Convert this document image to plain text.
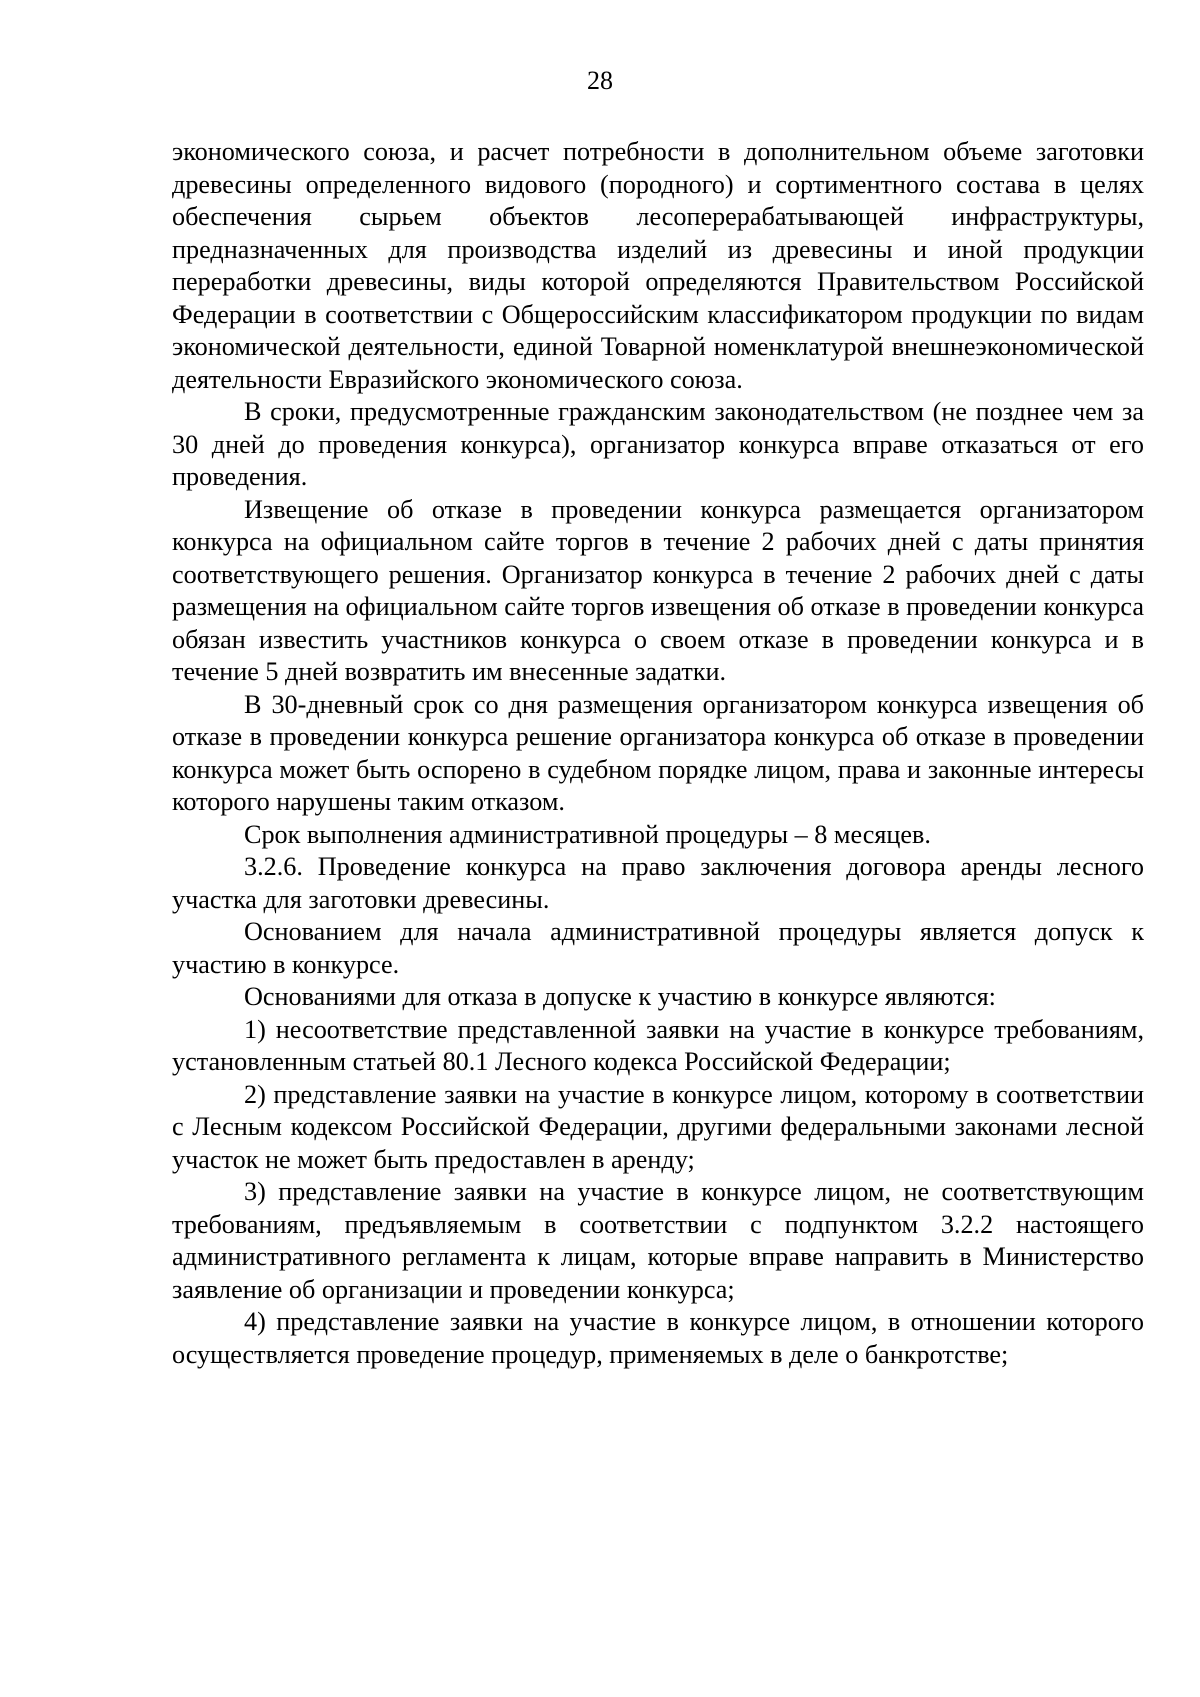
28

экономического союза, и расчет потребности в дополнительном объеме заготовки древесины определенного видового (породного) и сортиментного состава в целях обеспечения сырьем объектов лесоперерабатывающей инфраструктуры, предназначенных для производства изделий из древесины и иной продукции переработки древесины, виды которой определяются Правительством Российской Федерации в соответствии с Общероссийским классификатором продукции по видам экономической деятельности, единой Товарной номенклатурой внешнеэкономической деятельности Евразийского экономического союза.

В сроки, предусмотренные гражданским законодательством (не позднее чем за 30 дней до проведения конкурса), организатор конкурса вправе отказаться от его проведения.

Извещение об отказе в проведении конкурса размещается организатором конкурса на официальном сайте торгов в течение 2 рабочих дней с даты принятия соответствующего решения. Организатор конкурса в течение 2 рабочих дней с даты размещения на официальном сайте торгов извещения об отказе в проведении конкурса обязан известить участников конкурса о своем отказе в проведении конкурса и в течение 5 дней возвратить им внесенные задатки.

В 30-дневный срок со дня размещения организатором конкурса извещения об отказе в проведении конкурса решение организатора конкурса об отказе в проведении конкурса может быть оспорено в судебном порядке лицом, права и законные интересы которого нарушены таким отказом.

Срок выполнения административной процедуры – 8 месяцев.

3.2.6. Проведение конкурса на право заключения договора аренды лесного участка для заготовки древесины.

Основанием для начала административной процедуры является допуск к участию в конкурсе.

Основаниями для отказа в допуске к участию в конкурсе являются:

1) несоответствие представленной заявки на участие в конкурсе требованиям, установленным статьей 80.1 Лесного кодекса Российской Федерации;

2) представление заявки на участие в конкурсе лицом, которому в соответствии с Лесным кодексом Российской Федерации, другими федеральными законами лесной участок не может быть предоставлен в аренду;

3) представление заявки на участие в конкурсе лицом, не соответствующим требованиям, предъявляемым в соответствии с подпунктом 3.2.2 настоящего административного регламента к лицам, которые вправе направить в Министерство заявление об организации и проведении конкурса;

4) представление заявки на участие в конкурсе лицом, в отношении которого осуществляется проведение процедур, применяемых в деле о банкротстве;
